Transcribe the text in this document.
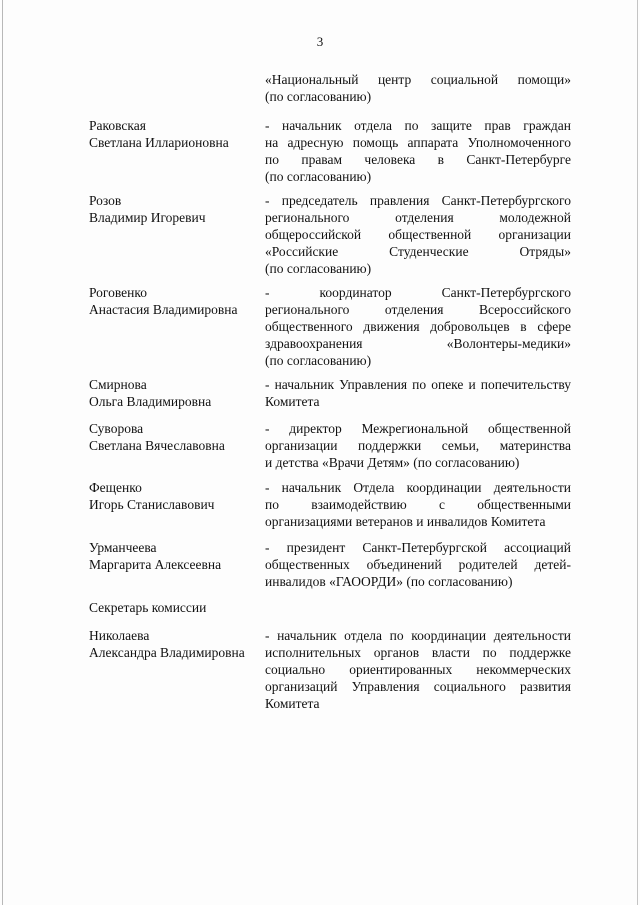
3
«Национальный центр социальной помощи»
(по согласованию)
Раковская
Светлана Илларионовна
- начальник отдела по защите прав граждан
на адресную помощь аппарата Уполномоченного
по правам человека в Санкт-Петербурге
(по согласованию)
Розов
Владимир Игоревич
- председатель правления Санкт-Петербургского
регионального отделения молодежной
общероссийской общественной организации
«Российские Студенческие Отряды»
(по согласованию)
Роговенко
Анастасия Владимировна
- координатор Санкт-Петербургского
регионального отделения Всероссийского
общественного движения добровольцев в сфере
здравоохранения «Волонтеры-медики»
(по согласованию)
Смирнова
Ольга Владимировна
- начальник Управления по опеке и попечительству
Комитета
Суворова
Светлана Вячеславовна
- директор Межрегиональной общественной
организации поддержки семьи, материнства
и детства «Врачи Детям» (по согласованию)
Фещенко
Игорь Станиславович
- начальник Отдела координации деятельности
по взаимодействию с общественными
организациями ветеранов и инвалидов Комитета
Урманчеева
Маргарита Алексеевна
- президент Санкт-Петербургской ассоциаций
общественных объединений родителей детей-
инвалидов «ГАООРДИ» (по согласованию)
Секретарь комиссии
Николаева
Александра Владимировна
- начальник отдела по координации деятельности
исполнительных органов власти по поддержке
социально ориентированных некоммерческих
организаций Управления социального развития
Комитета
